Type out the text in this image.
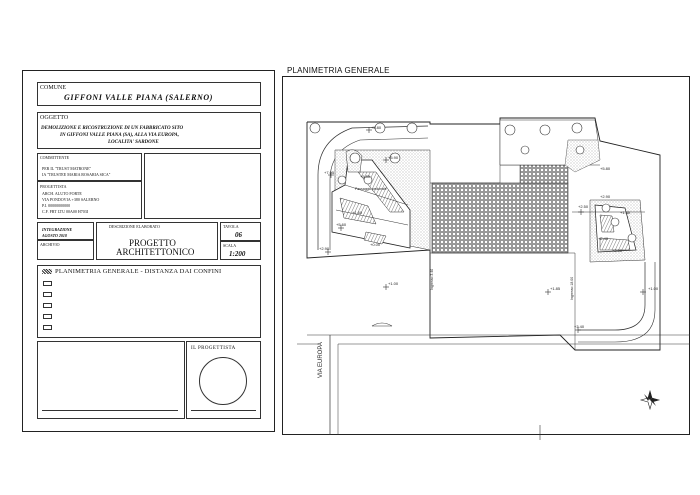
COMUNE
GIFFONI VALLE PIANA (SALERNO)
OGGETTO
DEMOLIZIONE E RICOSTRUZIONE DI UN FABBRICATO SITO
IN GIFFONI VALLE PIANA (SA), ALLA VIA EUROPA,
LOCALITA' SARDONE
COMMITTENTE
PER IL "TRUST MATRONE"
IA "TRUSTEE MARIA ROSARIA SICA"
PROGETTISTA
ARCH. ALUTO FORTE
VIA PONDOVIA +380 SALERNO
P.I. 00000000000
C.F. FRT LTU 00A00 H703I
INTEGRAZIONE
AGOSTO 2018
ARCHIVIO
DESCRIZIONE ELABORATO
PROGETTO
ARCHITETTONICO
TAVOLA
06
SCALA
1:200
PLANIMETRIA GENERALE - DISTANZA DAI CONFINI
IL PROGETTISTA
PLANIMETRIA GENERALE
+5.80
+7.05
+5.90
+2.50
+5.60
+2.90
+1.00
+1.85	+1.00
+3.40
+5.50
+2.90
+1.40
+2.40
+2.00
+5.80
+0.00
+1.60
Passaggio pedonale
Ingresso 3.40	Ingresso 18.00
VIA EUROPA
